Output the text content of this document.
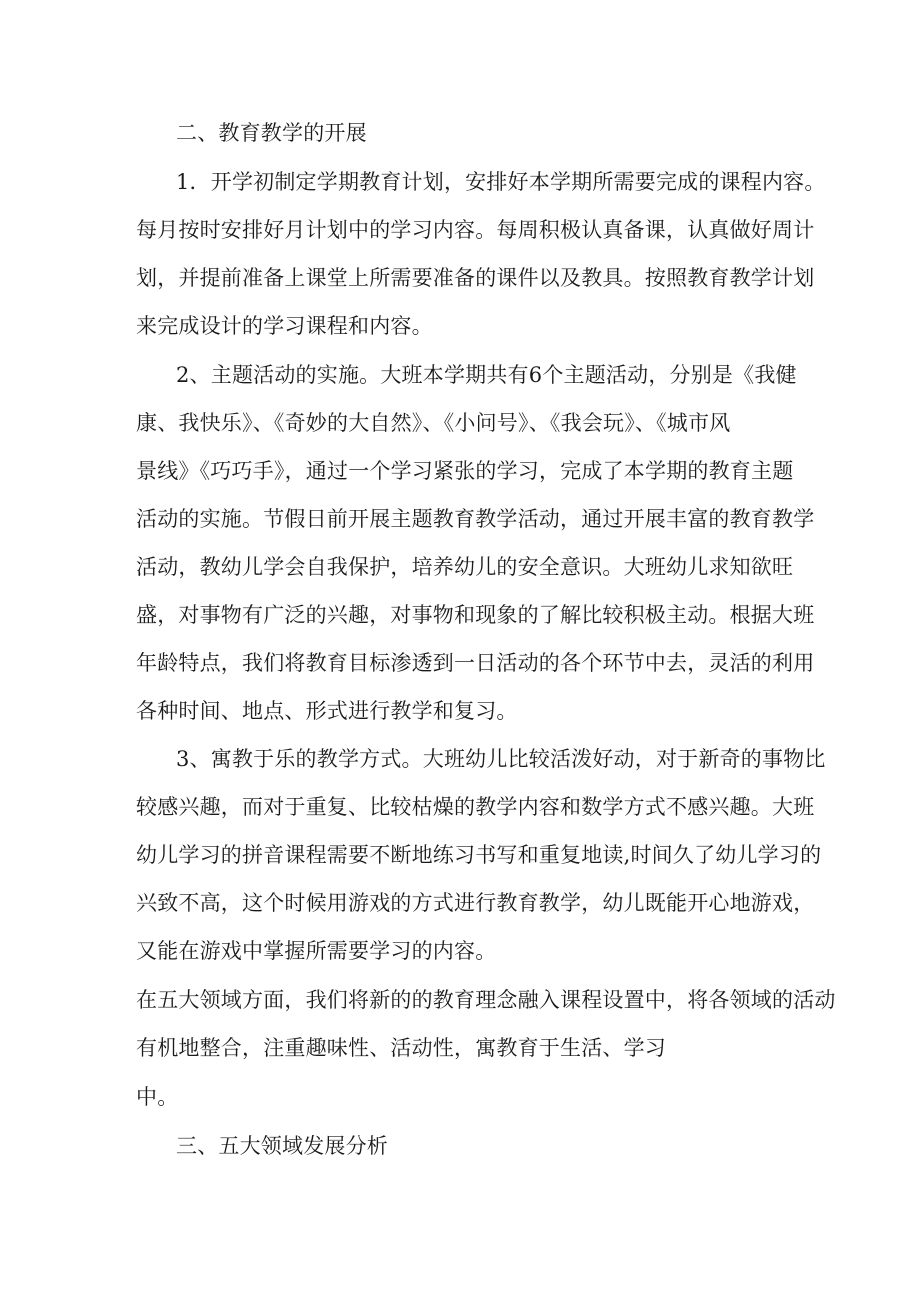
二、教育教学的开展
1．开学初制定学期教育计划，安排好本学期所需要完成的课程内容。
每月按时安排好月计划中的学习内容。每周积极认真备课，认真做好周计
划，并提前准备上课堂上所需要准备的课件以及教具。按照教育教学计划
来完成设计的学习课程和内容。
2、主题活动的实施。大班本学期共有6个主题活动，分别是《我健
康、我快乐》、《奇妙的大自然》、《小问号》、《我会玩》、《城市风
景线》《巧巧手》，通过一个学习紧张的学习，完成了本学期的教育主题
活动的实施。节假日前开展主题教育教学活动，通过开展丰富的教育教学
活动，教幼儿学会自我保护，培养幼儿的安全意识。大班幼儿求知欲旺
盛，对事物有广泛的兴趣，对事物和现象的了解比较积极主动。根据大班
年龄特点，我们将教育目标渗透到一日活动的各个环节中去，灵活的利用
各种时间、地点、形式进行教学和复习。
3、寓教于乐的教学方式。大班幼儿比较活泼好动，对于新奇的事物比
较感兴趣，而对于重复、比较枯燥的教学内容和数学方式不感兴趣。大班
幼儿学习的拼音课程需要不断地练习书写和重复地读,时间久了幼儿学习的
兴致不高，这个时候用游戏的方式进行教育教学，幼儿既能开心地游戏，
又能在游戏中掌握所需要学习的内容。
在五大领域方面，我们将新的的教育理念融入课程设置中，将各领域的活动
有机地整合，注重趣味性、活动性，寓教育于生活、学习
中。
三、五大领域发展分析
